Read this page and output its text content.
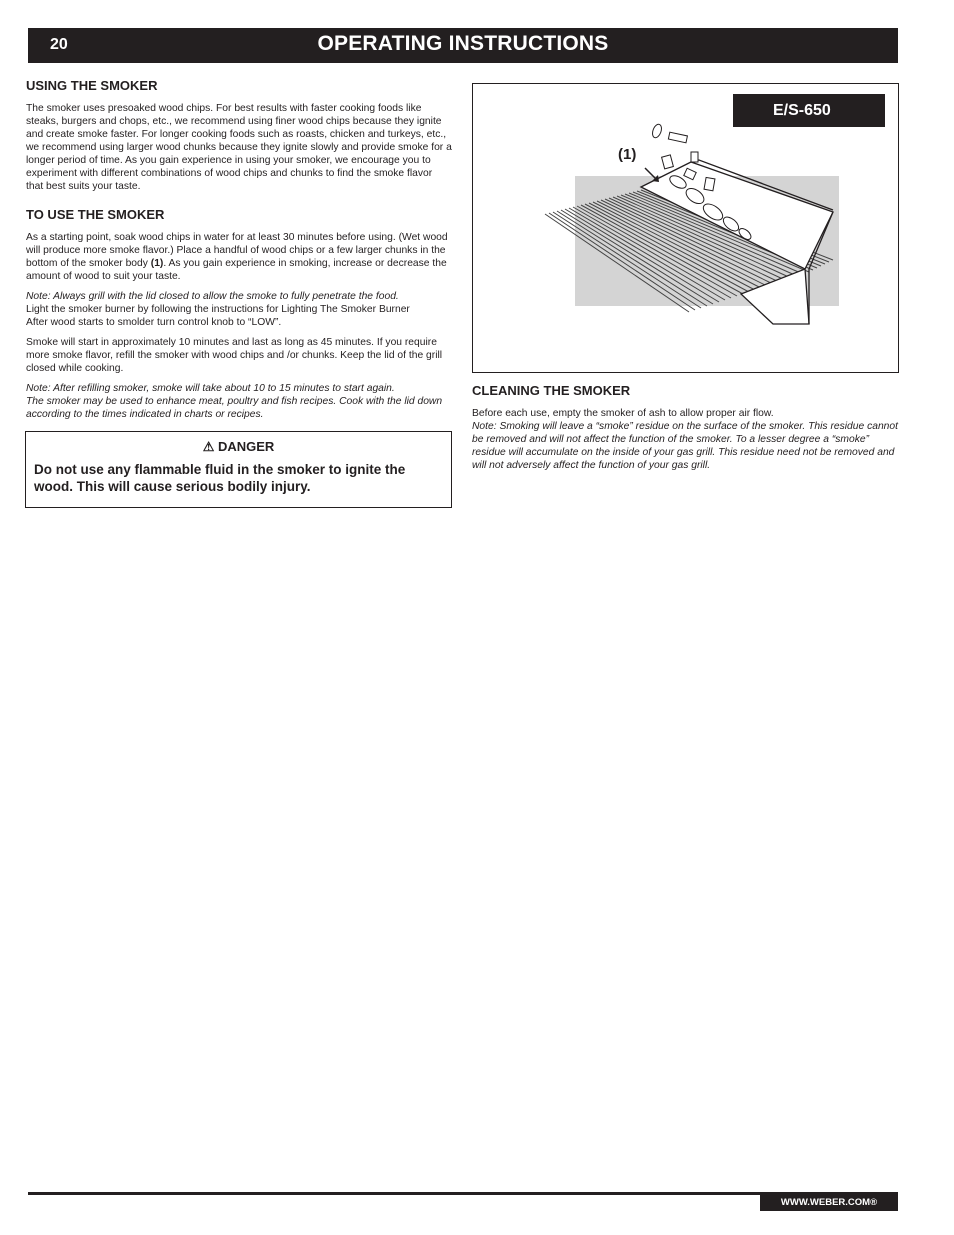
20	OPERATING INSTRUCTIONS
USING THE SMOKER

The smoker uses presoaked wood chips. For best results with faster cooking foods like steaks, burgers and chops, etc., we recommend using finer wood chips because they ignite and create smoke faster. For longer cooking foods such as roasts, chicken and turkeys, etc., we recommend using larger wood chunks because they ignite slowly and provide smoke for a longer period of time. As you gain experience in using your smoker, we encourage you to experiment with different combinations of wood chips and chunks to find the smoke flavor that best suits your taste.

TO USE THE SMOKER

As a starting point, soak wood chips in water for at least 30 minutes before using. (Wet wood will produce more smoke flavor.) Place a handful of wood chips or a few larger chunks in the bottom of the smoker body (1). As you gain experience in smoking, increase or decrease the amount of wood to suit your taste.

Note: Always grill with the lid closed to allow the smoke to fully penetrate the food.

Light the smoker burner by following the instructions for Lighting The Smoker Burner

After wood starts to smolder turn control knob to “LOW”.

Smoke will start in approximately 10 minutes and last as long as 45 minutes. If you require more smoke flavor, refill the smoker with wood chips and /or chunks. Keep the lid of the grill closed while cooking.

Note: After refilling smoker, smoke will take about 10 to 15 minutes to start again.

The smoker may be used to enhance meat, poultry and fish recipes. Cook with the lid down according to the times indicated in charts or recipes.

⚠ DANGER
Do not use any flammable fluid in the smoker to ignite the wood. This will cause serious bodily injury.
E/S-650
(1)
CLEANING THE SMOKER

Before each use, empty the smoker of ash to allow proper air flow.

Note: Smoking will leave a “smoke” residue on the surface of the smoker. This residue cannot be removed and will not affect the function of the smoker. To a lesser degree a “smoke” residue will accumulate on the inside of your gas grill. This residue need not be removed and will not adversely affect the function of your gas grill.

WWW.WEBER.COM®
